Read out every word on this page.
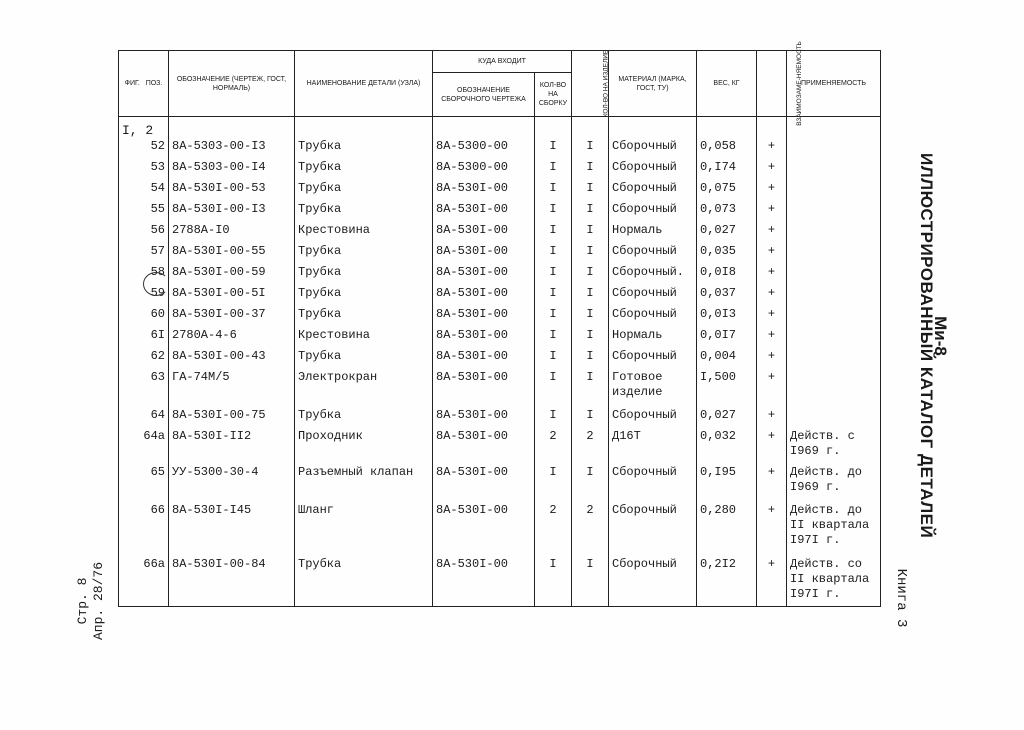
ФИГ. ПОЗ.	ОБОЗНАЧЕНИЕ (ЧЕРТЕЖ, ГОСТ, НОРМАЛЬ)	НАИМЕНОВАНИЕ ДЕТАЛИ (УЗЛА)	КУДА ВХОДИТ		КОЛ-ВО НА ИЗДЕЛИЕ	МАТЕРИАЛ (МАРКА, ГОСТ, ТУ)	ВЕС, КГ	ВЗАИМОЗАМЕ-НЯЕМОСТЬ	ПРИМЕНЯЕМОСТЬ
			ОБОЗНАЧЕНИЕ СБОРОЧНОГО ЧЕРТЕЖА	КОЛ-ВО НА СБОРКУ					
I, 2									
52	8А-5303-00-I3	Трубка	8А-5300-00	I	I	Сборочный	0,058	+	
53	8А-5303-00-I4	Трубка	8А-5300-00	I	I	Сборочный	0,I74	+	
54	8А-530I-00-53	Трубка	8А-530I-00	I	I	Сборочный	0,075	+	
55	8А-530I-00-I3	Трубка	8А-530I-00	I	I	Сборочный	0,073	+	
56	2788А-I0	Крестовина	8А-530I-00	I	I	Нормаль	0,027	+	
57	8А-530I-00-55	Трубка	8А-530I-00	I	I	Сборочный	0,035	+	
58	8А-530I-00-59	Трубка	8А-530I-00	I	I	Сборочный.	0,0I8	+	
59	8А-530I-00-5I	Трубка	8А-530I-00	I	I	Сборочный	0,037	+	
60	8А-530I-00-37	Трубка	8А-530I-00	I	I	Сборочный	0,0I3	+	
6I	2780А-4-6	Крестовина	8А-530I-00	I	I	Нормаль	0,0I7	+	
62	8А-530I-00-43	Трубка	8А-530I-00	I	I	Сборочный	0,004	+	
63	ГА-74М/5	Электрокран	8А-530I-00	I	I	Готовое изделие	I,500	+	
64	8А-530I-00-75	Трубка	8А-530I-00	I	I	Сборочный	0,027	+	
64а	8А-530I-II2	Проходник	8А-530I-00	2	2	Д16Т	0,032	+	Действ. с I969 г.
65	УУ-5300-30-4	Разъемный клапан	8А-530I-00	I	I	Сборочный	0,I95	+	Действ. до I969 г.
66	8А-530I-I45	Шланг	8А-530I-00	2	2	Сборочный	0,280	+	Действ. до II квартала I97I г.
66а	8А-530I-00-84	Трубка	8А-530I-00	I	I	Сборочный	0,2I2	+	Действ. со II квартала I97I г.
Ми-8
ИЛЛЮСТРИРОВАННЫЙ КАТАЛОГ ДЕТАЛЕЙ
Книга 3
Стр. 8 Апр. 28/76
